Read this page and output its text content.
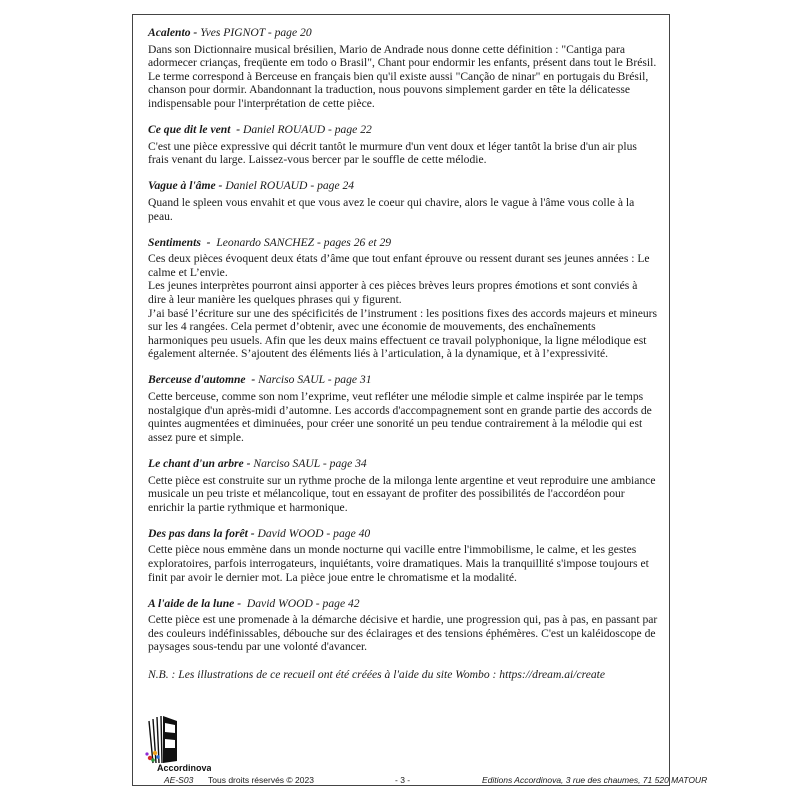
Acalento - Yves PIGNOT - page 20

Dans son Dictionnaire musical brésilien, Mario de Andrade nous donne cette définition : "Cantiga para adormecer crianças, freqüente em todo o Brasil", Chant pour endormir les enfants, présent dans tout le Brésil. Le terme correspond à Berceuse en français bien qu'il existe aussi "Canção de ninar" en portugais du Brésil, chanson pour dormir. Abandonnant la traduction, nous pouvons simplement garder en tête la délicatesse indispensable pour l'interprétation de cette pièce.

Ce que dit le vent  - Daniel ROUAUD - page 22

C'est une pièce expressive qui décrit tantôt le murmure d'un vent doux et léger tantôt la brise d'un air plus frais venant du large. Laissez-vous bercer par le souffle de cette mélodie.

Vague à l'âme - Daniel ROUAUD - page 24

Quand le spleen vous envahit et que vous avez le coeur qui chavire, alors le vague à l'âme vous colle à la peau.

Sentiments  -  Leonardo SANCHEZ - pages 26 et 29

Ces deux pièces évoquent deux états d’âme que tout enfant éprouve ou ressent durant ses jeunes années : Le calme et L’envie.

Les jeunes interprètes pourront ainsi apporter à ces pièces brèves leurs propres émotions et sont conviés à dire à leur manière les quelques phrases qui y figurent.

J’ai basé l’écriture sur une des spécificités de l’instrument : les positions fixes des accords majeurs et mineurs sur les 4 rangées. Cela permet d’obtenir, avec une économie de mouvements, des enchaînements harmoniques peu usuels. Afin que les deux mains effectuent ce travail polyphonique, la ligne mélodique est également alternée. S’ajoutent des éléments liés à l’articulation, à la dynamique, et à l’expressivité.

Berceuse d'automne  - Narciso SAUL - page 31

Cette berceuse, comme son nom l’exprime, veut refléter une mélodie simple et calme inspirée par le temps nostalgique d'un après-midi d’automne. Les accords d'accompagnement sont en grande partie des accords de quintes augmentées et diminuées, pour créer une sonorité un peu tendue contrairement à la mélodie qui est assez pure et simple.

Le chant d'un arbre - Narciso SAUL - page 34

Cette pièce est construite sur un rythme proche de la milonga lente argentine et veut reproduire une ambiance musicale un peu triste et mélancolique, tout en essayant de profiter des possibilités de l'accordéon pour enrichir la partie rythmique et harmonique.

Des pas dans la forêt - David WOOD - page 40

Cette pièce nous emmène dans un monde nocturne qui vacille entre l'immobilisme, le calme, et les gestes exploratoires, parfois interrogateurs, inquiétants, voire dramatiques. Mais la tranquillité s'impose toujours et finit par avoir le dernier mot. La pièce joue entre le chromatisme et la modalité.

A l'aide de la lune -  David WOOD - page 42

Cette pièce est une promenade à la démarche décisive et hardie, une progression qui, pas à pas, en passant par des couleurs indéfinissables, débouche sur des éclairages et des tensions éphémères. C'est un kaléidoscope de paysages sous-tendu par une volonté d'avancer.

N.B. : Les illustrations de ce recueil ont été créées à l'aide du site Wombo : https://dream.ai/create
Accordinova
AE-S03 Tous droits réservés © 2023	- 3 -	Editions Accordinova, 3 rue des chaumes, 71 520 MATOUR
